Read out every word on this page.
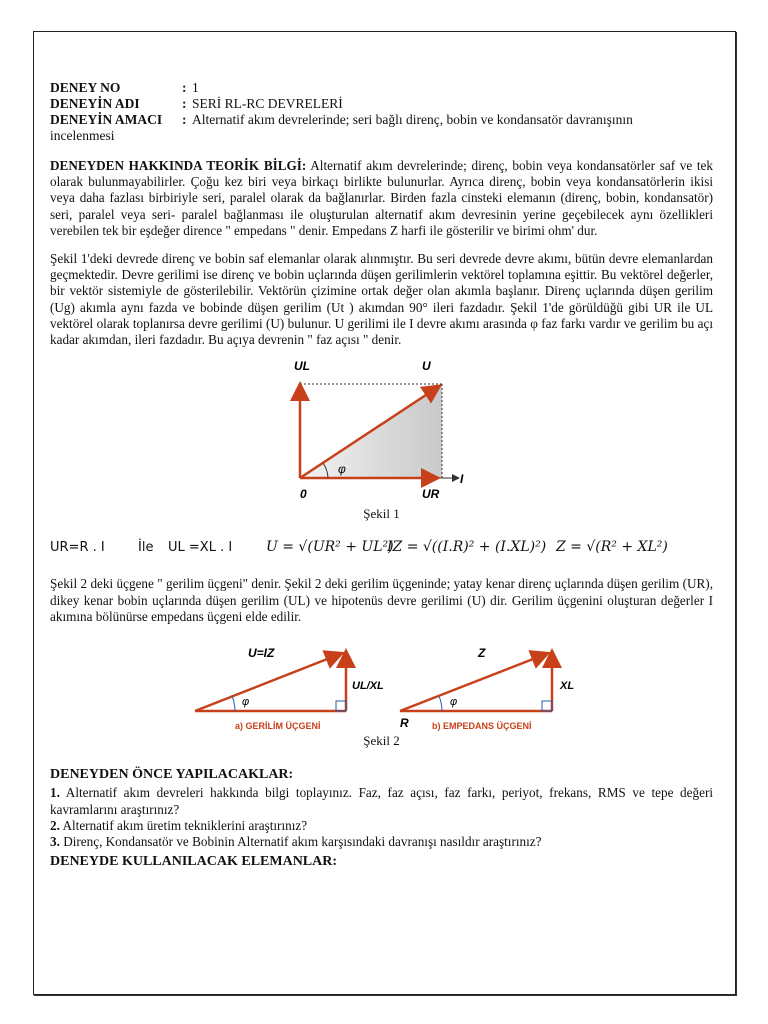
DENEY NO	: 1
DENEYİN ADI	: SERİ RL-RC DEVRELERİ
DENEYİN AMACI	: Alternatif akım devrelerinde; seri bağlı direnç, bobin ve kondansatör davranışının
incelenmesi

DENEYDEN HAKKINDA TEORİK BİLGİ: Alternatif akım devrelerinde; direnç, bobin veya kondansatörler saf ve tek olarak bulunmayabilirler. Çoğu kez biri veya birkaçı birlikte bulunurlar. Ayrıca direnç, bobin veya kondansatörlerin ikisi veya daha fazlası birbiriyle seri, paralel olarak da bağlanırlar. Birden fazla cinsteki elemanın (direnç, bobin, kondansatör) seri, paralel veya seri- paralel bağlanması ile oluşturulan alternatif akım devresinin yerine geçebilecek aynı özellikleri verebilen tek bir eşdeğer dirence " empedans " denir. Empedans Z harfi ile gösterilir ve birimi ohm' dur.

Şekil 1'deki devrede direnç ve bobin saf elemanlar olarak alınmıştır. Bu seri devrede devre akımı, bütün devre elemanlardan geçmektedir. Devre gerilimi ise direnç ve bobin uçlarında düşen gerilimlerin vektörel toplamına eşittir. Bu vektörel değerler, bir vektör sistemiyle de gösterilebilir. Vektörün çizimine ortak değer olan akımla başlanır. Direnç uçlarında düşen gerilim (Ug) akımla aynı fazda ve bobinde düşen gerilim (Ut ) akımdan 90° ileri fazdadır. Şekil 1'de görüldüğü gibi UR ile UL vektörel olarak toplanırsa devre gerilimi (U) bulunur. U gerilimi ile I devre akımı arasında φ faz farkı vardır ve gerilim bu açı kadar akımdan, ileri fazdadır. Bu açıya devrenin " faz açısı " denir.

UL	U
φ
0	UR
I
Şekil 1
UR=R . I	İle UL =XL . I U = √(UR² + UL²)
IZ = √((I.R)² + (I.XL)²) Z = √(R² + XL²)

Şekil 2 deki üçgene " gerilim üçgeni" denir. Şekil 2 deki gerilim üçgeninde; yatay kenar direnç uçlarında düşen gerilim (UR), dikey kenar bobin uçlarında düşen gerilim (UL) ve hipotenüs devre gerilimi (U) dir. Gerilim üçgenini oluşturan değerler I akımına bölünürse empedans üçgeni elde edilir.

U=IZ
UL/XL
φ
a) GERİLİM ÜÇGENİ
Z
XL
φ
R	b) EMPEDANS ÜÇGENİ
Şekil 2
DENEYDEN ÖNCE YAPILACAKLAR:

1. Alternatif akım devreleri hakkında bilgi toplayınız. Faz, faz açısı, faz farkı, periyot, frekans, RMS ve tepe değeri kavramlarını araştırınız?

2. Alternatif akım üretim tekniklerini araştırınız?

3. Direnç, Kondansatör ve Bobinin Alternatif akım karşısındaki davranışı nasıldır araştırınız?

DENEYDE KULLANILACAK ELEMANLAR:
